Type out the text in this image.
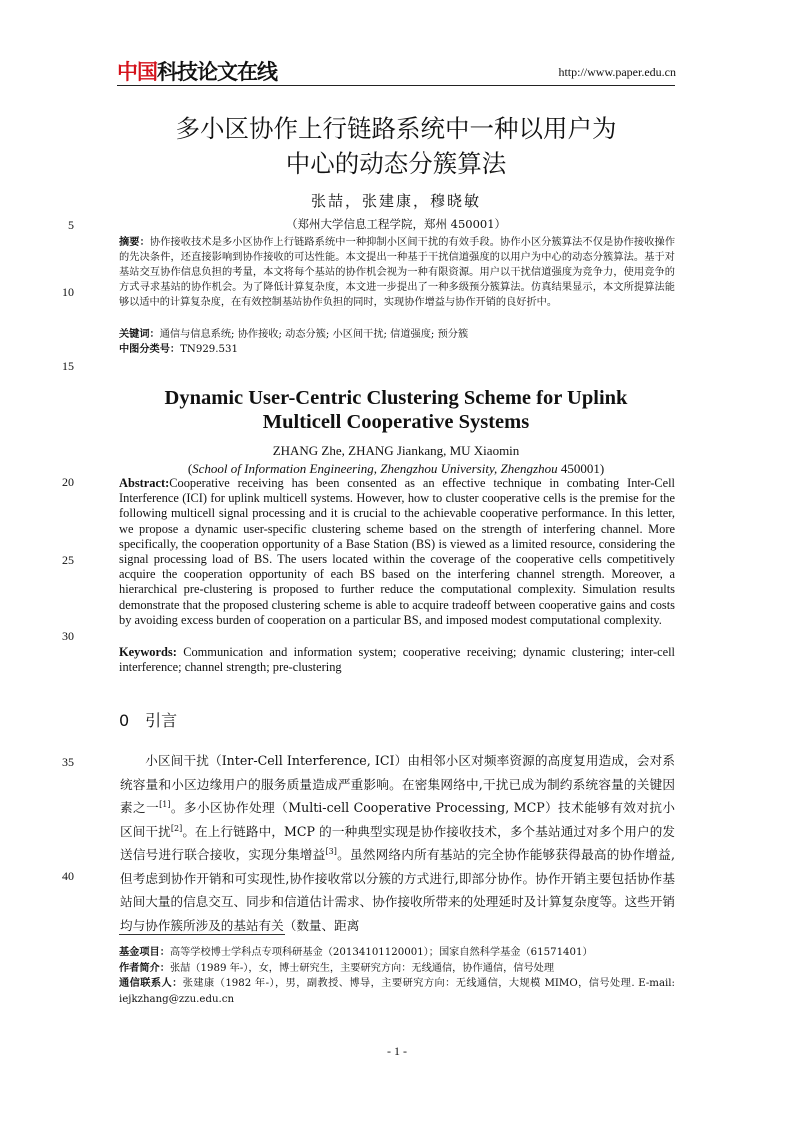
中国科技论文在线	http://www.paper.edu.cn
多小区协作上行链路系统中一种以用户为
中心的动态分簇算法
张喆，张建康，穆晓敏
（郑州大学信息工程学院，郑州 450001）
5
10
15
20
25
30
35
40
摘要：协作接收技术是多小区协作上行链路系统中一种抑制小区间干扰的有效手段。协作小区分簇算法不仅是协作接收操作的先决条件，还直接影响到协作接收的可达性能。本文提出一种基于干扰信道强度的以用户为中心的动态分簇算法。基于对基站交互协作信息负担的考量，本文将每个基站的协作机会视为一种有限资源。用户以干扰信道强度为竞争力，使用竞争的方式寻求基站的协作机会。为了降低计算复杂度，本文进一步提出了一种多级预分簇算法。仿真结果显示，本文所提算法能够以适中的计算复杂度，在有效控制基站协作负担的同时，实现协作增益与协作开销的良好折中。
关键词：通信与信息系统; 协作接收; 动态分簇; 小区间干扰; 信道强度; 预分簇
中图分类号：TN929.531
Dynamic User-Centric Clustering Scheme for Uplink
Multicell Cooperative Systems
ZHANG Zhe, ZHANG Jiankang, MU Xiaomin
(School of Information Engineering, Zhengzhou University, Zhengzhou 450001)
Abstract:Cooperative receiving has been consented as an effective technique in combating Inter-Cell Interference (ICI) for uplink multicell systems. However, how to cluster cooperative cells is the premise for the following multicell signal processing and it is crucial to the achievable cooperative performance. In this letter, we propose a dynamic user-specific clustering scheme based on the strength of interfering channel. More specifically, the cooperation opportunity of a Base Station (BS) is viewed as a limited resource, considering the signal processing load of BS. The users located within the coverage of the cooperative cells competitively acquire the cooperation opportunity of each BS based on the interfering channel strength. Moreover, a hierarchical pre-clustering is proposed to further reduce the computational complexity. Simulation results demonstrate that the proposed clustering scheme is able to acquire tradeoff between cooperative gains and costs by avoiding excess burden of cooperation on a particular BS, and imposed modest computational complexity.
Keywords: Communication and information system; cooperative receiving; dynamic clustering; inter-cell interference; channel strength; pre-clustering
0　引言

小区间干扰（Inter-Cell Interference, ICI）由相邻小区对频率资源的高度复用造成，会对系统容量和小区边缘用户的服务质量造成严重影响。在密集网络中,干扰已成为制约系统容量的关键因素之一[1]。多小区协作处理（Multi-cell Cooperative Processing, MCP）技术能够有效对抗小区间干扰[2]。在上行链路中，MCP 的一种典型实现是协作接收技术，多个基站通过对多个用户的发送信号进行联合接收，实现分集增益[3]。虽然网络内所有基站的完全协作能够获得最高的协作增益,但考虑到协作开销和可实现性,协作接收常以分簇的方式进行,即部分协作。协作开销主要包括协作基站间大量的信息交互、同步和信道估计需求、协作接收所带来的处理延时及计算复杂度等。这些开销均与协作簇所涉及的基站有关（数量、距离

基金项目：高等学校博士学科点专项科研基金（20134101120001）；国家自然科学基金（61571401）
作者简介：张喆（1989 年-），女，博士研究生，主要研究方向：无线通信，协作通信，信号处理
通信联系人：张建康（1982 年-），男，副教授、博导，主要研究方向：无线通信，大规模 MIMO，信号处理. E-mail: iejkzhang@zzu.edu.cn
- 1 -
